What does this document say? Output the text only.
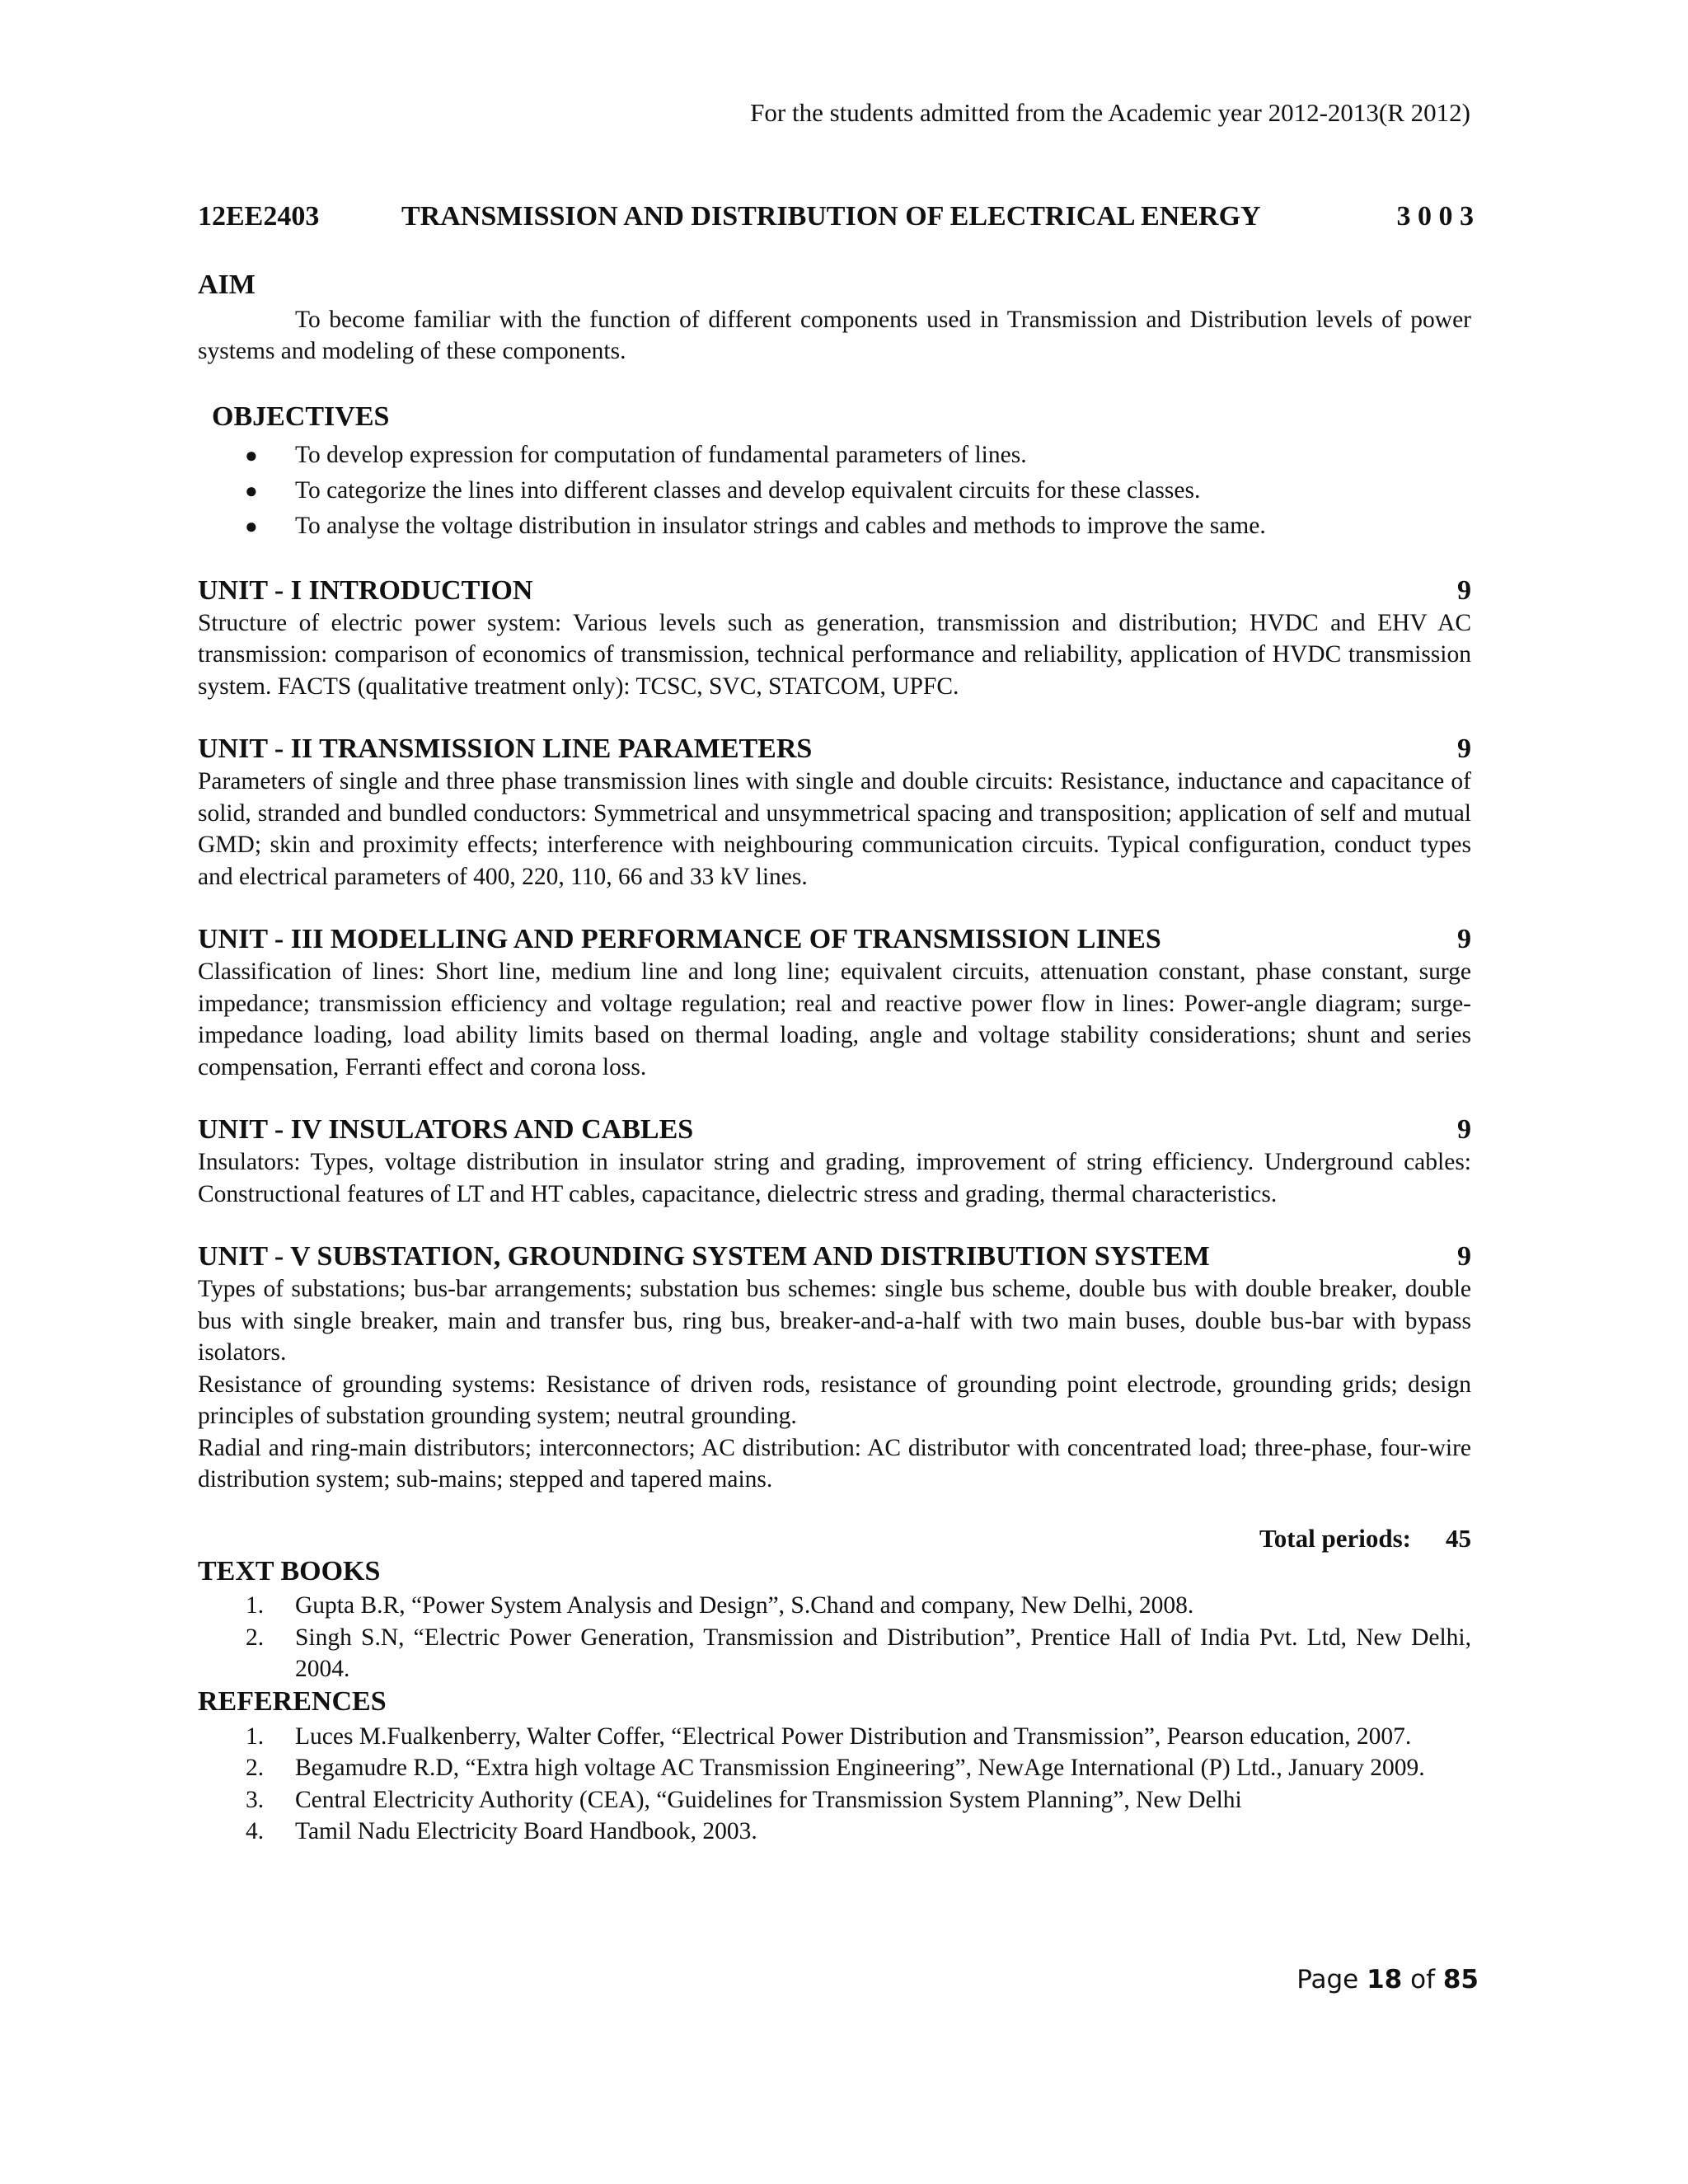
For the students admitted from the Academic year 2012-2013(R 2012)
12EE2403	TRANSMISSION AND DISTRIBUTION OF ELECTRICAL ENERGY	3 0 0 3
AIM

To become familiar with the function of different components used in Transmission and Distribution levels of power systems and modeling of these components.

OBJECTIVES
● To develop expression for computation of fundamental parameters of lines.
● To categorize the lines into different classes and develop equivalent circuits for these classes.
● To analyse the voltage distribution in insulator strings and cables and methods to improve the same.
UNIT - I INTRODUCTION	9

Structure of electric power system: Various levels such as generation, transmission and distribution; HVDC and EHV AC transmission: comparison of economics of transmission, technical performance and reliability, application of HVDC transmission system. FACTS (qualitative treatment only): TCSC, SVC, STATCOM, UPFC.

UNIT - II TRANSMISSION LINE PARAMETERS	9

Parameters of single and three phase transmission lines with single and double circuits: Resistance, inductance and capacitance of solid, stranded and bundled conductors: Symmetrical and unsymmetrical spacing and transposition; application of self and mutual GMD; skin and proximity effects; interference with neighbouring communication circuits. Typical configuration, conduct types and electrical parameters of 400, 220, 110, 66 and 33 kV lines.

UNIT - III MODELLING AND PERFORMANCE OF TRANSMISSION LINES	9

Classification of lines: Short line, medium line and long line; equivalent circuits, attenuation constant, phase constant, surge impedance; transmission efficiency and voltage regulation; real and reactive power flow in lines: Power-angle diagram; surge-impedance loading, load ability limits based on thermal loading, angle and voltage stability considerations; shunt and series compensation, Ferranti effect and corona loss.

UNIT - IV INSULATORS AND CABLES	9

Insulators: Types, voltage distribution in insulator string and grading, improvement of string efficiency. Underground cables: Constructional features of LT and HT cables, capacitance, dielectric stress and grading, thermal characteristics.

UNIT - V SUBSTATION, GROUNDING SYSTEM AND DISTRIBUTION SYSTEM	9

Types of substations; bus-bar arrangements; substation bus schemes: single bus scheme, double bus with double breaker, double bus with single breaker, main and transfer bus, ring bus, breaker-and-a-half with two main buses, double bus-bar with bypass isolators.

Resistance of grounding systems: Resistance of driven rods, resistance of grounding point electrode, grounding grids; design principles of substation grounding system; neutral grounding.

Radial and ring-main distributors; interconnectors; AC distribution: AC distributor with concentrated load; three-phase, four-wire distribution system; sub-mains; stepped and tapered mains.

Total periods: 45
TEXT BOOKS
1. Gupta B.R, “Power System Analysis and Design”, S.Chand and company, New Delhi, 2008.
2. Singh S.N, “Electric Power Generation, Transmission and Distribution”, Prentice Hall of India Pvt. Ltd, New Delhi, 2004.
REFERENCES
1. Luces M.Fualkenberry, Walter Coffer, “Electrical Power Distribution and Transmission”, Pearson education, 2007.
2. Begamudre R.D, “Extra high voltage AC Transmission Engineering”, NewAge International (P) Ltd., January 2009.
3. Central Electricity Authority (CEA), “Guidelines for Transmission System Planning”, New Delhi
4. Tamil Nadu Electricity Board Handbook, 2003.
Page 18 of 85
